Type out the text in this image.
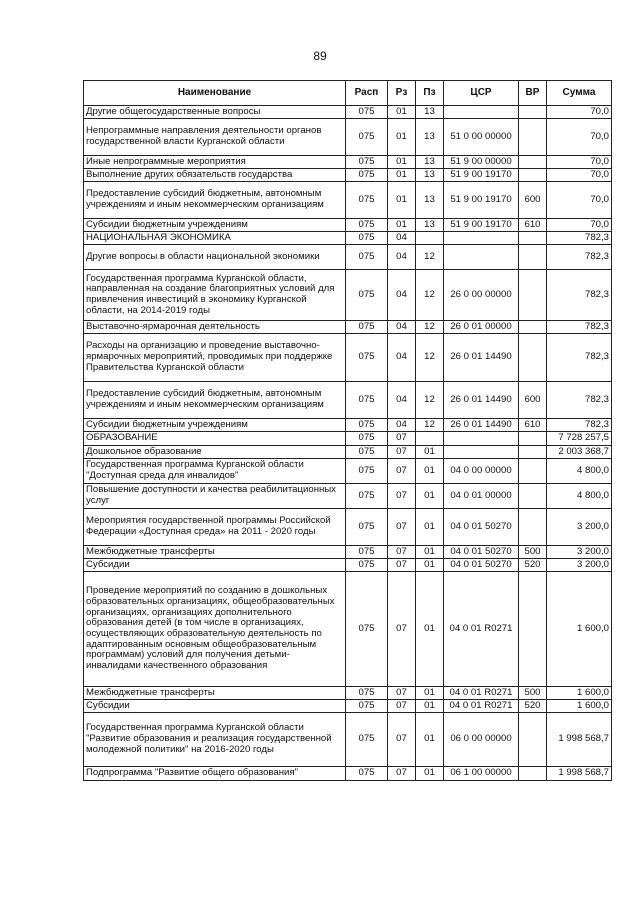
89
Наименование	Расп	Рз	Пз	ЦСР	ВР	Сумма
Другие общегосударственные вопросы	075	01	13			70,0
Непрограммные направления деятельности органов государственной власти Курганской области	075	01	13	51 0 00 00000		70,0
Иные непрограммные мероприятия	075	01	13	51 9 00 00000		70,0
Выполнение других обязательств государства	075	01	13	51 9 00 19170		70,0
Предоставление субсидий бюджетным, автономным учреждениям и иным некоммерческим организациям	075	01	13	51 9 00 19170	600	70,0
Субсидии бюджетным учреждениям	075	01	13	51 9 00 19170	610	70,0
НАЦИОНАЛЬНАЯ ЭКОНОМИКА	075	04				782,3
Другие вопросы в области национальной экономики	075	04	12			782,3
Государственная программа Курганской области, направленная на создание благоприятных условий для привлечения инвестиций в экономику Курганской области, на 2014-2019 годы	075	04	12	26 0 00 00000		782,3
Выставочно-ярмарочная деятельность	075	04	12	26 0 01 00000		782,3
Расходы на организацию и проведение выставочно-ярмарочных мероприятий, проводимых при поддержке Правительства Курганской области	075	04	12	26 0 01 14490		782,3
Предоставление субсидий бюджетным, автономным учреждениям и иным некоммерческим организациям	075	04	12	26 0 01 14490	600	782,3
Субсидии бюджетным учреждениям	075	04	12	26 0 01 14490	610	782,3
ОБРАЗОВАНИЕ	075	07				7 728 257,5
Дошкольное образование	075	07	01			2 003 368,7
Государственная программа Курганской области "Доступная среда для инвалидов"	075	07	01	04 0 00 00000		4 800,0
Повышение доступности и качества реабилитационных услуг	075	07	01	04 0 01 00000		4 800,0
Мероприятия государственной программы Российской Федерации «Доступная среда» на 2011 - 2020 годы	075	07	01	04 0 01 50270		3 200,0
Межбюджетные трансферты	075	07	01	04 0 01 50270	500	3 200,0
Субсидии	075	07	01	04 0 01 50270	520	3 200,0
Проведение мероприятий по созданию в дошкольных образовательных организациях, общеобразовательных организациях, организациях дополнительного образования детей (в том числе в организациях, осуществляющих образовательную деятельность по адаптированным основным общеобразовательным программам) условий для получения детьми-инвалидами качественного образования	075	07	01	04 0 01 R0271		1 600,0
Межбюджетные трансферты	075	07	01	04 0 01 R0271	500	1 600,0
Субсидии	075	07	01	04 0 01 R0271	520	1 600,0
Государственная программа Курганской области "Развитие образования и реализация государственной молодежной политики" на 2016-2020 годы	075	07	01	06 0 00 00000		1 998 568,7
Подпрограмма "Развитие общего образования"	075	07	01	06 1 00 00000		1 998 568,7
